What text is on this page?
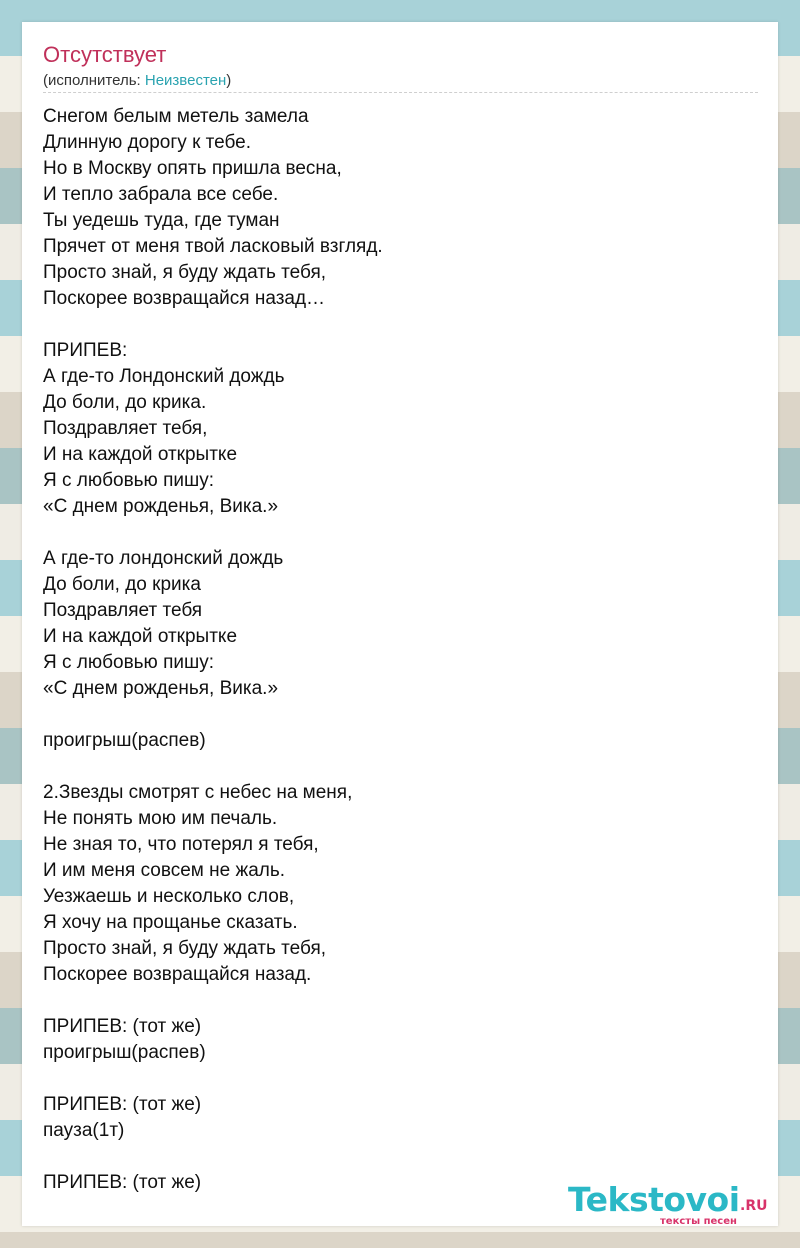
Отсутствует
(исполнитель: Неизвестен)
Снегом белым метель замела
Длинную дорогу к тебе.
Но в Москву опять пришла весна,
И тепло забрала все себе.
Ты уедешь туда, где туман
Прячет от меня твой ласковый взгляд.
Просто знай, я буду ждать тебя,
Поскорее возвращайся назад…
ПРИПЕВ:
А где-то Лондонский дождь
До боли, до крика.
Поздравляет тебя,
И на каждой открытке
Я с любовью пишу:
«С днем рожденья, Вика.»
А где-то лондонский дождь
До боли, до крика
Поздравляет тебя
И на каждой открытке
Я с любовью пишу:
«С днем рожденья, Вика.»
проигрыш(распев)
2.Звезды смотрят с небес на меня,
Не понять мою им печаль.
Не зная то, что потерял я тебя,
И им меня совсем не жаль.
Уезжаешь и несколько слов,
Я хочу на прощанье сказать.
Просто знай, я буду ждать тебя,
Поскорее возвращайся назад.
ПРИПЕВ: (тот же)
проигрыш(распев)
ПРИПЕВ: (тот же)
пауза(1т)
ПРИПЕВ: (тот же)	Tekstovoi .RU
тексты песен
